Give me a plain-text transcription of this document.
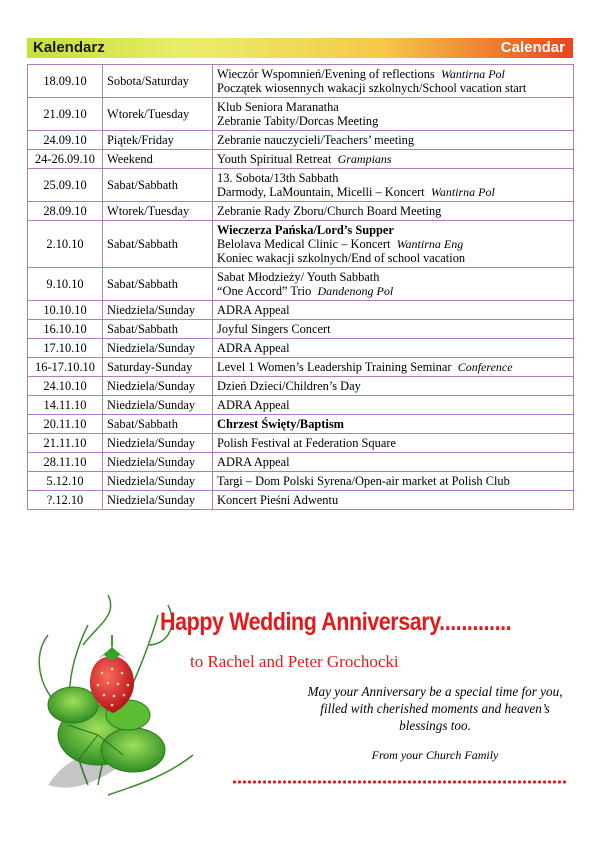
Kalendarz	Calendar
18.09.10	Sobota/Saturday	Wieczór Wspomnień/Evening of reflections Wantirna Pol
Początek wiosennych wakacji szkolnych/School vacation start

21.09.10	Wtorek/Tuesday	Klub Seniora Maranatha
Zebranie Tabity/Dorcas Meeting

24.09.10	Piątek/Friday	Zebranie nauczycieli/Teachers’ meeting

24-26.09.10	Weekend	Youth Spiritual Retreat Grampians

25.09.10	Sabat/Sabbath	13. Sobota/13th Sabbath
Darmody, LaMountain, Micelli – Koncert Wantirna Pol

28.09.10	Wtorek/Tuesday	Zebranie Rady Zboru/Church Board Meeting

2.10.10	Sabat/Sabbath	Wieczerza Pańska/Lord’s Supper
Belolava Medical Clinic – Koncert Wantirna Eng
Koniec wakacji szkolnych/End of school vacation

9.10.10	Sabat/Sabbath	Sabat Młodzieży/ Youth Sabbath
“One Accord” Trio Dandenong Pol

10.10.10	Niedziela/Sunday	ADRA Appeal

16.10.10	Sabat/Sabbath	Joyful Singers Concert

17.10.10	Niedziela/Sunday	ADRA Appeal

16-17.10.10	Saturday-Sunday	Level 1 Women’s Leadership Training Seminar Conference

24.10.10	Niedziela/Sunday	Dzień Dzieci/Children’s Day

14.11.10	Niedziela/Sunday	ADRA Appeal

20.11.10	Sabat/Sabbath	Chrzest Święty/Baptism

21.11.10	Niedziela/Sunday	Polish Festival at Federation Square

28.11.10	Niedziela/Sunday	ADRA Appeal

5.12.10	Niedziela/Sunday	Targi – Dom Polski Syrena/Open-air market at Polish Club

?.12.10	Niedziela/Sunday	Koncert Pieśni Adwentu
Happy Wedding Anniversary.............
to Rachel and Peter Grochocki
May your Anniversary be a special time for you, filled with cherished moments and heaven’s blessings too.
From your Church Family
